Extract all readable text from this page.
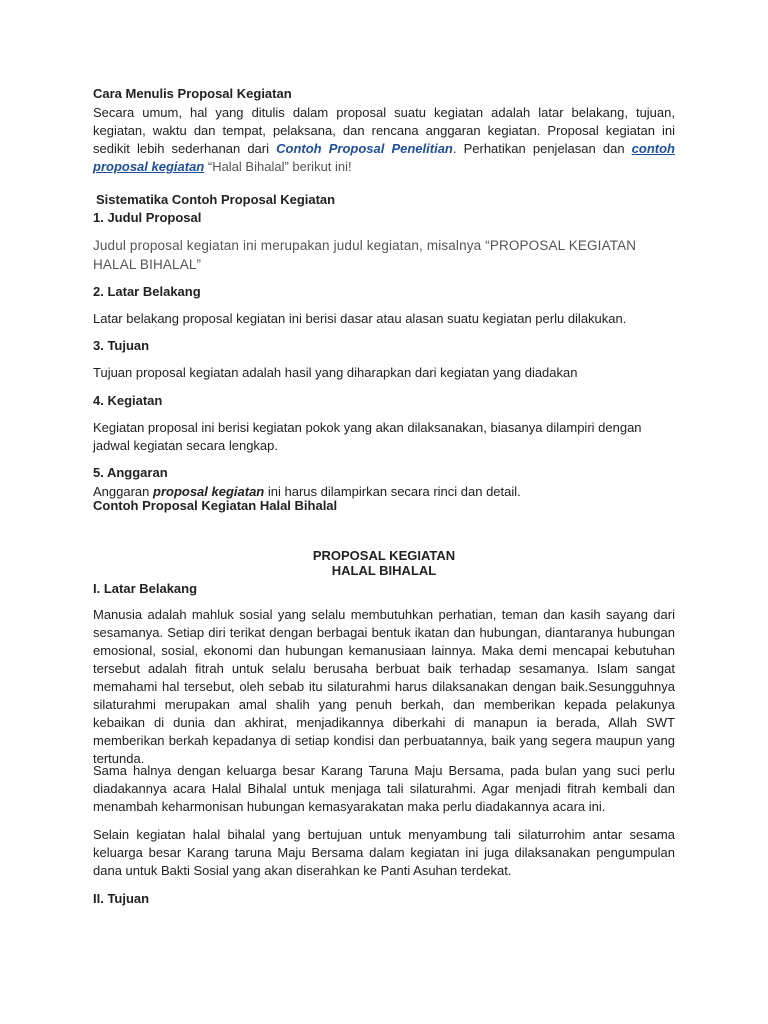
Cara Menulis Proposal Kegiatan

Secara umum, hal yang ditulis dalam proposal suatu kegiatan adalah latar belakang, tujuan, kegiatan, waktu dan tempat, pelaksana, dan rencana anggaran kegiatan. Proposal kegiatan ini sedikit lebih sederhanan dari Contoh Proposal Penelitian. Perhatikan penjelasan dan contoh proposal kegiatan “Halal Bihalal” berikut ini!

Sistematika Contoh Proposal Kegiatan
1. Judul Proposal

Judul proposal kegiatan ini merupakan judul kegiatan, misalnya “PROPOSAL KEGIATAN HALAL BIHALAL”

2. Latar Belakang

Latar belakang proposal kegiatan ini berisi dasar atau alasan suatu kegiatan perlu dilakukan.

3. Tujuan

Tujuan proposal kegiatan adalah hasil yang diharapkan dari kegiatan yang diadakan

4. Kegiatan

Kegiatan proposal ini berisi kegiatan pokok yang akan dilaksanakan, biasanya dilampiri dengan jadwal kegiatan secara lengkap.

5. Anggaran

Anggaran proposal kegiatan ini harus dilampirkan secara rinci dan detail.

Contoh Proposal Kegiatan Halal Bihalal
PROPOSAL KEGIATAN
HALAL BIHALAL
I. Latar Belakang

Manusia adalah mahluk sosial yang selalu membutuhkan perhatian, teman dan kasih sayang dari sesamanya. Setiap diri terikat dengan berbagai bentuk ikatan dan hubungan, diantaranya hubungan emosional, sosial, ekonomi dan hubungan kemanusiaan lainnya. Maka demi mencapai kebutuhan tersebut adalah fitrah untuk selalu berusaha berbuat baik terhadap sesamanya. Islam sangat memahami hal tersebut, oleh sebab itu silaturahmi harus dilaksanakan dengan baik.Sesungguhnya silaturahmi merupakan amal shalih yang penuh berkah, dan memberikan kepada pelakunya kebaikan di dunia dan akhirat, menjadikannya diberkahi di manapun ia berada, Allah SWT memberikan berkah kepadanya di setiap kondisi dan perbuatannya, baik yang segera maupun yang tertunda.

Sama halnya dengan keluarga besar Karang Taruna Maju Bersama, pada bulan yang suci perlu diadakannya acara Halal Bihalal untuk menjaga tali silaturahmi. Agar menjadi fitrah kembali dan menambah keharmonisan hubungan kemasyarakatan maka perlu diadakannya acara ini.

Selain kegiatan halal bihalal yang bertujuan untuk menyambung tali silaturrohim antar sesama keluarga besar Karang taruna Maju Bersama dalam kegiatan ini juga dilaksanakan pengumpulan dana untuk Bakti Sosial yang akan diserahkan ke Panti Asuhan terdekat.

II. Tujuan
